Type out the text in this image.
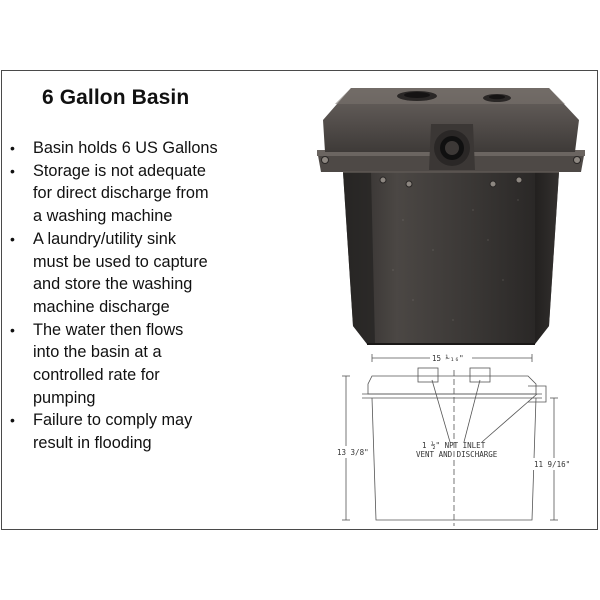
6 Gallon Basin
• Basin holds 6 US Gallons
• Storage is not adequate
for direct discharge from
a washing machine
• A laundry/utility sink
must be used to capture
and store the washing
machine discharge
• The water then flows
into the basin at a
controlled rate for
pumping
• Failure to comply may
result in flooding
15 ⅟₁₆"
13 3/8"
11 9/16"
1 ½" NPT INLET
VENT AND DISCHARGE
